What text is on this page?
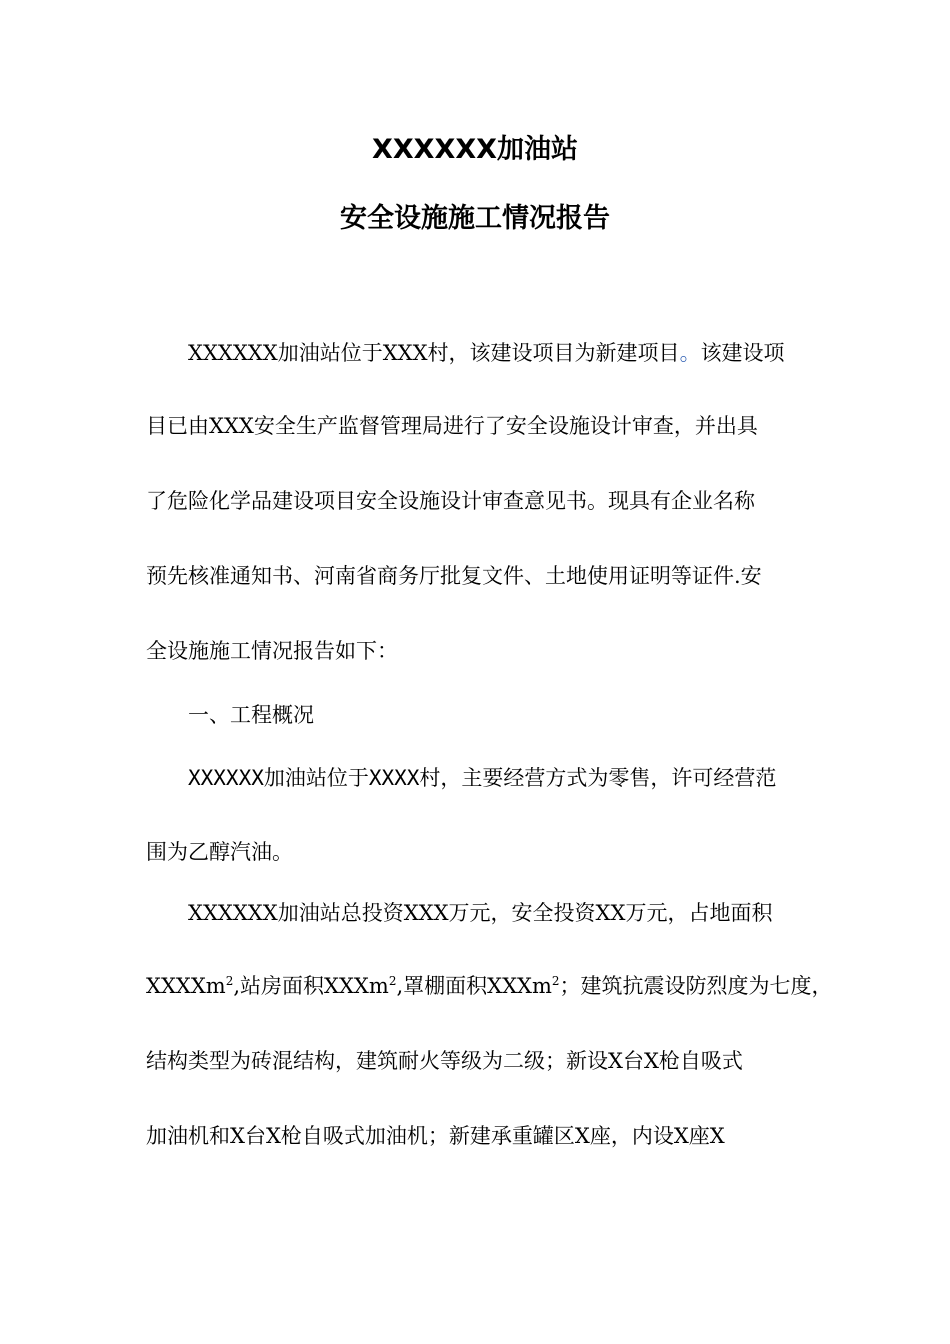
XXXXXX加油站
安全设施施工情况报告
XXXXXX加油站位于XXX村，该建设项目为新建项目。该建设项
目已由XXX安全生产监督管理局进行了安全设施设计审查，并出具
了危险化学品建设项目安全设施设计审查意见书。现具有企业名称
预先核准通知书、河南省商务厅批复文件、土地使用证明等证件.安
全设施施工情况报告如下：
一、工程概况
XXXXXX加油站位于XXXX村，主要经营方式为零售，许可经营范
围为乙醇汽油。
XXXXXX加油站总投资XXX万元，安全投资XX万元，占地面积
XXXXm$^2$,站房面积XXXm$^2$,罩棚面积XXXm$^2$；建筑抗震设防烈度为七度，
结构类型为砖混结构，建筑耐火等级为二级；新设X台X枪自吸式
加油机和X台X枪自吸式加油机；新建承重罐区X座，内设X座X
